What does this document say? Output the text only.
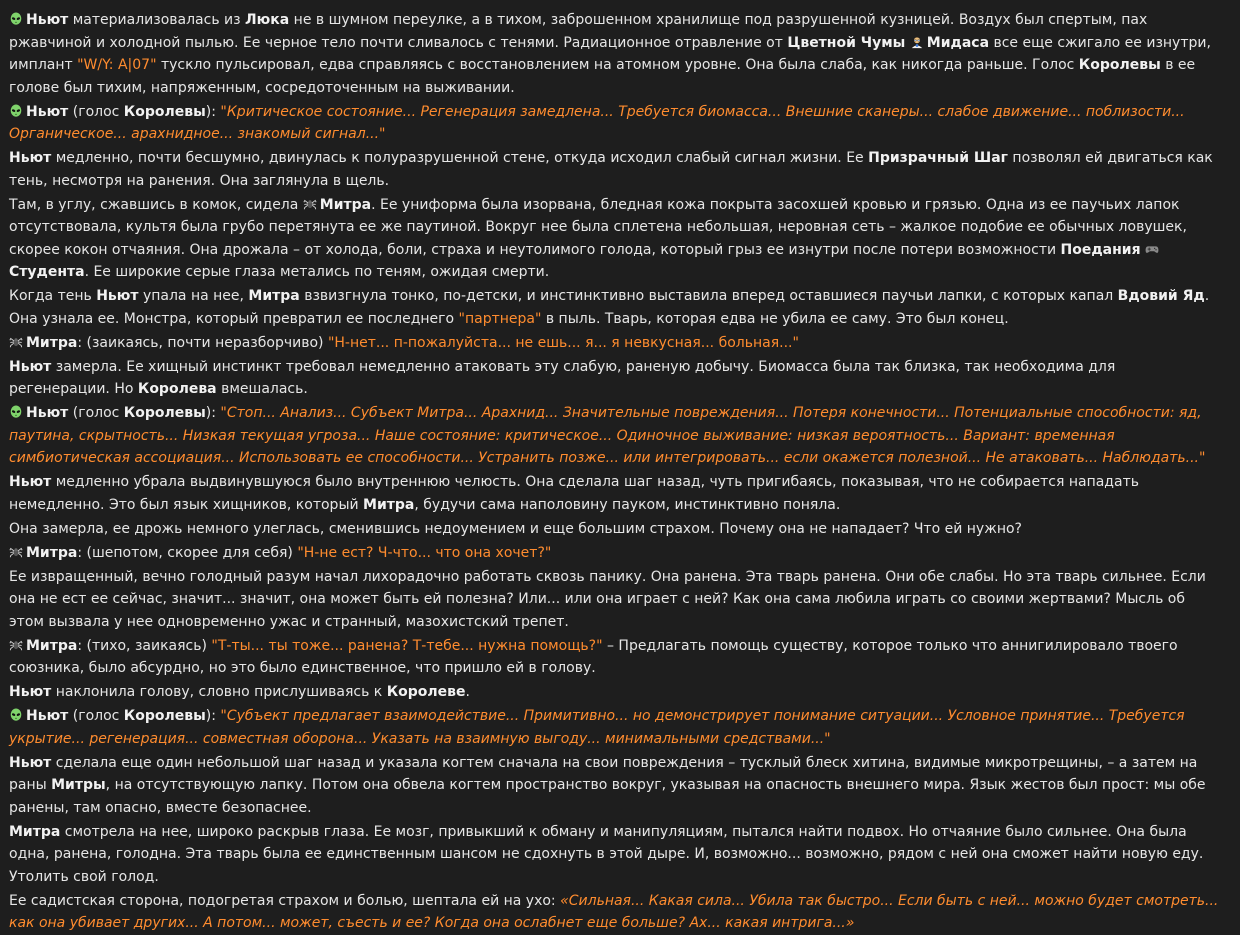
Ньют материализовалась из Люка не в шумном переулке, а в тихом, заброшенном хранилище под разрушенной кузницей. Воздух был спертым, пах ржавчиной и холодной пылью. Ее черное тело почти сливалось с тенями. Радиационное отравление от Цветной Чумы Мидаса все еще сжигало ее изнутри, имплант "W/Y: A|07" тускло пульсировал, едва справляясь с восстановлением на атомном уровне. Она была слаба, как никогда раньше. Голос Королевы в ее голове был тихим, напряженным, сосредоточенным на выживании.
Ньют (голос Королевы): "Критическое состояние... Регенерация замедлена... Требуется биомасса... Внешние сканеры... слабое движение... поблизости... Органическое... арахнидное... знакомый сигнал..."
Ньют медленно, почти бесшумно, двинулась к полуразрушенной стене, откуда исходил слабый сигнал жизни. Ее Призрачный Шаг позволял ей двигаться как тень, несмотря на ранения. Она заглянула в щель.
Там, в углу, сжавшись в комок, сидела
Митра. Ее униформа была изорвана, бледная кожа покрыта засохшей кровью и грязью. Одна из ее паучьих лапок отсутствовала, культя была грубо перетянута ее же паутиной. Вокруг нее была сплетена небольшая, неровная сеть – жалкое подобие ее обычных ловушек, скорее кокон отчаяния. Она дрожала – от холода, боли, страха и неутолимого голода, который грыз ее изнутри после потери возможности Поедания
Студента. Ее широкие серые глаза метались по теням, ожидая смерти.
Когда тень Ньют упала на нее, Митра взвизгнула тонко, по-детски, и инстинктивно выставила вперед оставшиеся паучьи лапки, с которых капал Вдовий Яд. Она узнала ее. Монстра, который превратил ее последнего "партнера" в пыль. Тварь, которая едва не убила ее саму. Это был конец.
Митра: (заикаясь, почти неразборчиво) "Н-нет... п-пожалуйста... не ешь... я... я невкусная... больная..."
Ньют замерла. Ее хищный инстинкт требовал немедленно атаковать эту слабую, раненую добычу. Биомасса была так близка, так необходима для регенерации. Но Королева вмешалась.
Ньют (голос Королевы): "Стоп... Анализ... Субъект Митра... Арахнид... Значительные повреждения... Потеря конечности... Потенциальные способности: яд, паутина, скрытность... Низкая текущая угроза... Наше состояние: критическое... Одиночное выживание: низкая вероятность... Вариант: временная симбиотическая ассоциация... Использовать ее способности... Устранить позже... или интегрировать... если окажется полезной... Не атаковать... Наблюдать..."
Ньют медленно убрала выдвинувшуюся было внутреннюю челюсть. Она сделала шаг назад, чуть пригибаясь, показывая, что не собирается нападать немедленно. Это был язык хищников, который Митра, будучи сама наполовину пауком, инстинктивно поняла.
Она замерла, ее дрожь немного улеглась, сменившись недоумением и еще большим страхом. Почему она не нападает? Что ей нужно?
Митра: (шепотом, скорее для себя) "Н-не ест? Ч-что... что она хочет?"
Ее извращенный, вечно голодный разум начал лихорадочно работать сквозь панику. Она ранена. Эта тварь ранена. Они обе слабы. Но эта тварь сильнее. Если она не ест ее сейчас, значит... значит, она может быть ей полезна? Или... или она играет с ней? Как она сама любила играть со своими жертвами? Мысль об этом вызвала у нее одновременно ужас и странный, мазохистский трепет.
Митра: (тихо, заикаясь) "Т-ты... ты тоже... ранена? Т-тебе... нужна помощь?" – Предлагать помощь существу, которое только что аннигилировало твоего союзника, было абсурдно, но это было единственное, что пришло ей в голову.
Ньют наклонила голову, словно прислушиваясь к Королеве.
Ньют (голос Королевы): "Субъект предлагает взаимодействие... Примитивно... но демонстрирует понимание ситуации... Условное принятие... Требуется укрытие... регенерация... совместная оборона... Указать на взаимную выгоду... минимальными средствами..."
Ньют сделала еще один небольшой шаг назад и указала когтем сначала на свои повреждения – тусклый блеск хитина, видимые микротрещины, – а затем на раны Митры, на отсутствующую лапку. Потом она обвела когтем пространство вокруг, указывая на опасность внешнего мира. Язык жестов был прост: мы обе ранены, там опасно, вместе безопаснее.
Митра смотрела на нее, широко раскрыв глаза. Ее мозг, привыкший к обману и манипуляциям, пытался найти подвох. Но отчаяние было сильнее. Она была одна, ранена, голодна. Эта тварь была ее единственным шансом не сдохнуть в этой дыре. И, возможно... возможно, рядом с ней она сможет найти новую еду. Утолить свой голод.
Ее садистская сторона, подогретая страхом и болью, шептала ей на ухо: «Сильная... Какая сила... Убила так быстро... Если быть с ней... можно будет смотреть... как она убивает других... А потом... может, съесть и ее? Когда она ослабнет еще больше? Ах... какая интрига...»
